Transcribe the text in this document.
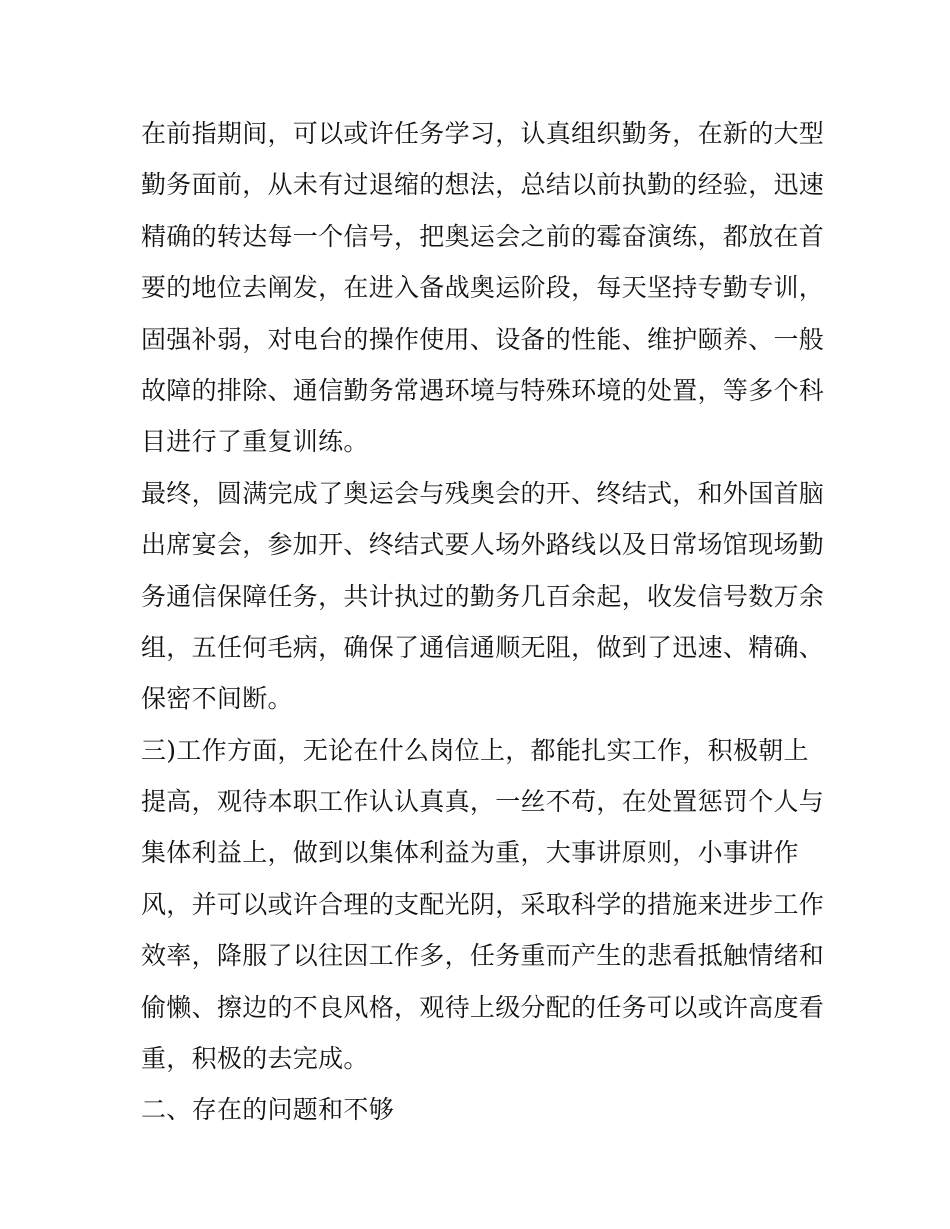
在前指期间，可以或许任务学习，认真组织勤务，在新的大型
勤务面前，从未有过退缩的想法，总结以前执勤的经验，迅速
精确的转达每一个信号，把奥运会之前的霉奋演练，都放在首
要的地位去阐发，在进入备战奥运阶段，每天坚持专勤专训，
固强补弱，对电台的操作使用、设备的性能、维护颐养、一般
故障的排除、通信勤务常遇环境与特殊环境的处置，等多个科
目进行了重复训练。
最终，圆满完成了奥运会与残奥会的开、终结式，和外国首脑
出席宴会，参加开、终结式要人场外路线以及日常场馆现场勤
务通信保障任务，共计执过的勤务几百余起，收发信号数万余
组，五任何毛病，确保了通信通顺无阻，做到了迅速、精确、
保密不间断。
三)工作方面，无论在什么岗位上，都能扎实工作，积极朝上
提高，观待本职工作认认真真，一丝不苟，在处置惩罚个人与
集体利益上，做到以集体利益为重，大事讲原则，小事讲作
风，并可以或许合理的支配光阴，采取科学的措施来进步工作
效率，降服了以往因工作多，任务重而产生的悲看抵触情绪和
偷懒、擦边的不良风格，观待上级分配的任务可以或许高度看
重，积极的去完成。
二、存在的问题和不够
